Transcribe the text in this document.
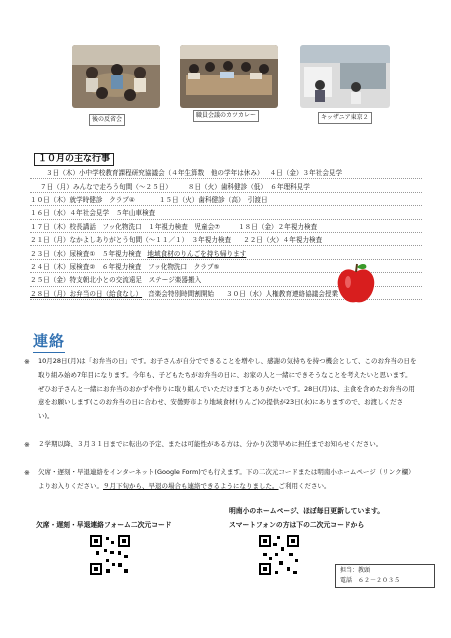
後の反省会
職員会議のカツカレー	キッザニア東京２
１０月の主な行事
３日（木）小中学校教育課程研究協議会（４年生算数　他の学年は休み） ４日（金）３年社会見学
７日（月）みんなで走ろう旬間（～２５日） ８日（火）歯科健診（低）　６年理科見学
１０日（木）就学時健診　クラブ④	１５日（火）歯科健診（高）　引渡日
１６日（水）４年社会見学　５年山車検査
１７日（木）校長講話　フッ化物洗口　１年視力検査　児童会⑦	１８日（金）２年視力検査
２１日（月）なかよしありがとう旬間（～１１／１）　３年視力検査 ２２日（火）４年視力検査
２３日（水）尿検査①　５年視力検査 地域食材のりんごを持ち帰ります
２４日（木）尿検査②　６年視力検査　フッ化物洗口　クラブ⑤
２５日（金）特支朝北小との交流遠足　ステージ楽器搬入
２８日（月）お弁当の日（給食なし） 音楽会特別時間割開始 ３０日（水）人権教育連絡協議会授業
連絡
※ 10月28日(月)は「お弁当の日」です。お子さんが自分でできることを増やし、感謝の気持ちを持つ機会として、このお弁当の日を取り組み始め7年目になります。今年も、子どもたちがお弁当の日に、お家の人と一緒にできそうなことを考えたいと思います。ぜひお子さんと一緒にお弁当のおかずや作りに取り組んでいただけますとありがたいです。28日(月)は、主食を含めたお弁当の用意をお願いします(このお弁当の日に合わせ、安曇野市より地域食材(りんご)の提供が23日(水)にありますので、お渡しください)。
※ ２学期以降、３月３１日までに転出の予定、または可能性がある方は、分かり次第早めに担任までお知らせください。
※ 欠席・遅刻・早退連絡をインターネット(Google Form)でも行えます。下の二次元コードまたは明南小ホームページ（リンク欄）よりお入りください。９月下旬から、早退の場合も連絡できるようになりました。ご利用ください。
欠席・遅刻・早退連絡フォーム二次元コード
明南小のホームページ、ほぼ毎日更新しています。
スマートフォンの方は下の二次元コードから
担当：教頭
電話　６２－２０３５
